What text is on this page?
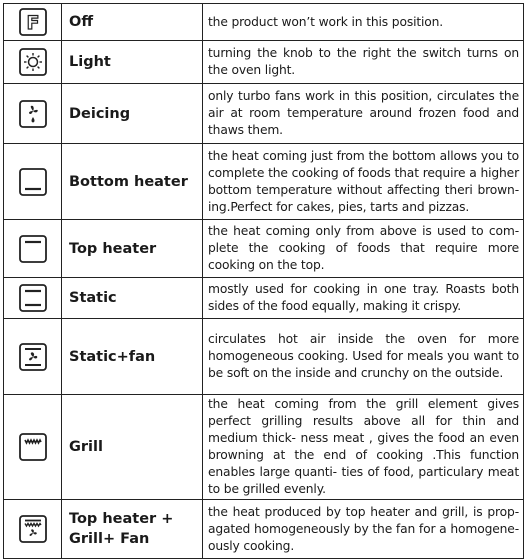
F	Off	the product won’t work in this position.

	Light	turning the knob to the right the switch turns on the oven light.

	Deicing	only turbo fans work in this position, circulates the air at room temperature around frozen food and thaws them.

	Bottom heater	the heat coming just from the bottom allows you to complete the cooking of foods that require a higher bottom temperature without affecting theri brown- ing.Perfect for cakes, pies, tarts and pizzas.

	Top heater	the heat coming only from above is used to com- plete the cooking of foods that require more cooking on the top.

	Static	mostly used for cooking in one tray. Roasts both sides of the food equally, making it crispy.

	Static+fan	circulates hot air inside the oven for more homogeneous cooking. Used for meals you want to be soft on the inside and crunchy on the outside.

	Grill	the heat coming from the grill element gives perfect grilling results above all for thin and medium thick- ness meat , gives the food an even browning at the end of cooking .This function enables large quanti- ties of food, particulary meat to be grilled evenly.

	Top heater + Grill+ Fan	the heat produced by top heater and grill, is prop- agated homogeneously by the fan for a homogene- ously cooking.
